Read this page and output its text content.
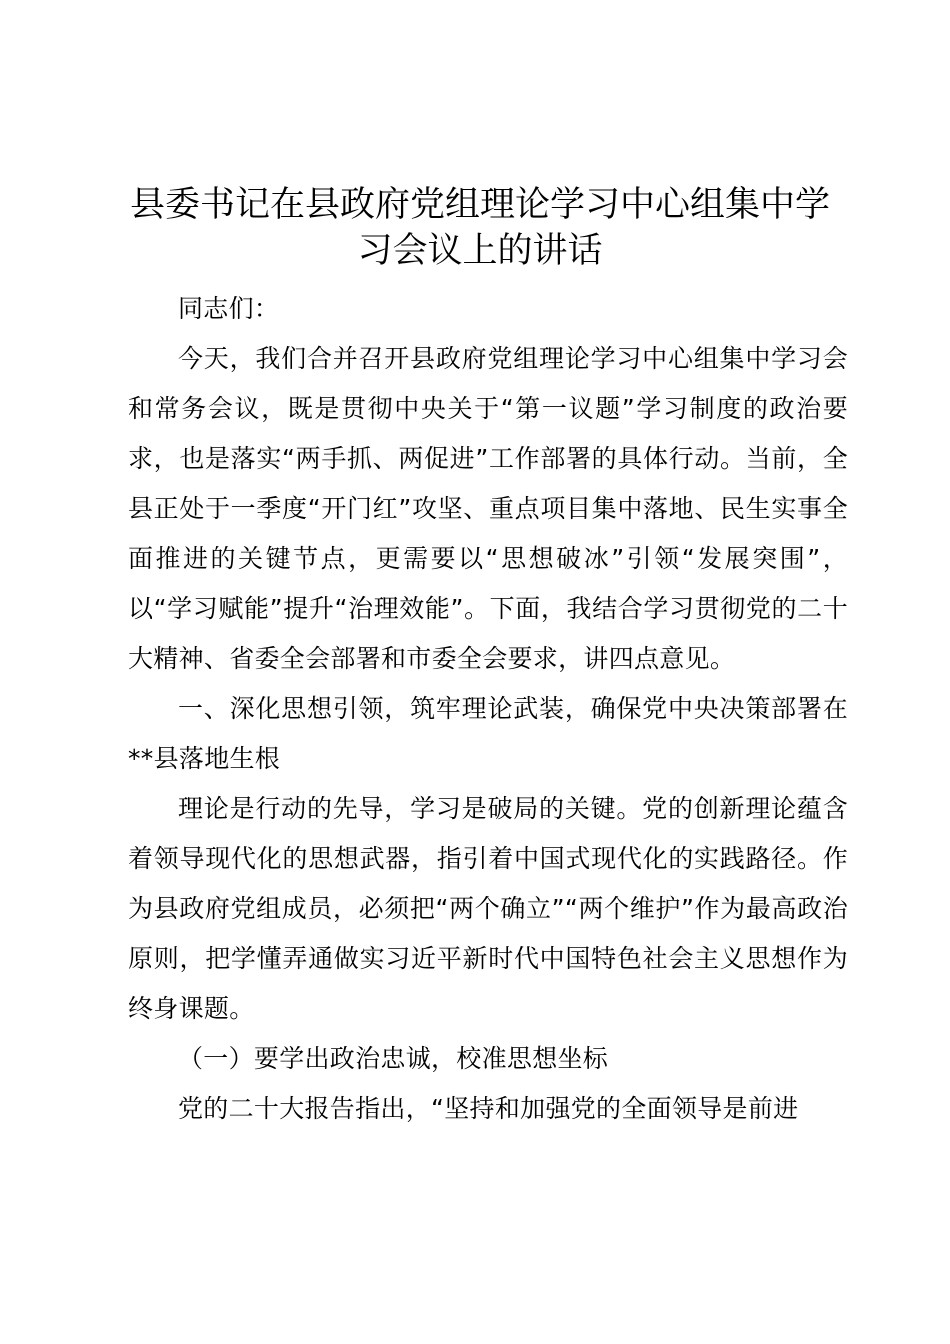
县委书记在县政府党组理论学习中心组集中学
习会议上的讲话

同志们：

今天，我们合并召开县政府党组理论学习中心组集中学习会和常务会议，既是贯彻中央关于“第一议题”学习制度的政治要求，也是落实“两手抓、两促进”工作部署的具体行动。当前，全县正处于一季度“开门红”攻坚、重点项目集中落地、民生实事全面推进的关键节点，更需要以“思想破冰”引领“发展突围”，以“学习赋能”提升“治理效能”。下面，我结合学习贯彻党的二十大精神、省委全会部署和市委全会要求，讲四点意见。

一、深化思想引领，筑牢理论武装，确保党中央决策部署在**县落地生根

理论是行动的先导，学习是破局的关键。党的创新理论蕴含着领导现代化的思想武器，指引着中国式现代化的实践路径。作为县政府党组成员，必须把“两个确立”“两个维护”作为最高政治原则，把学懂弄通做实习近平新时代中国特色社会主义思想作为终身课题。

（一）要学出政治忠诚，校准思想坐标

党的二十大报告指出，“坚持和加强党的全面领导是前进
